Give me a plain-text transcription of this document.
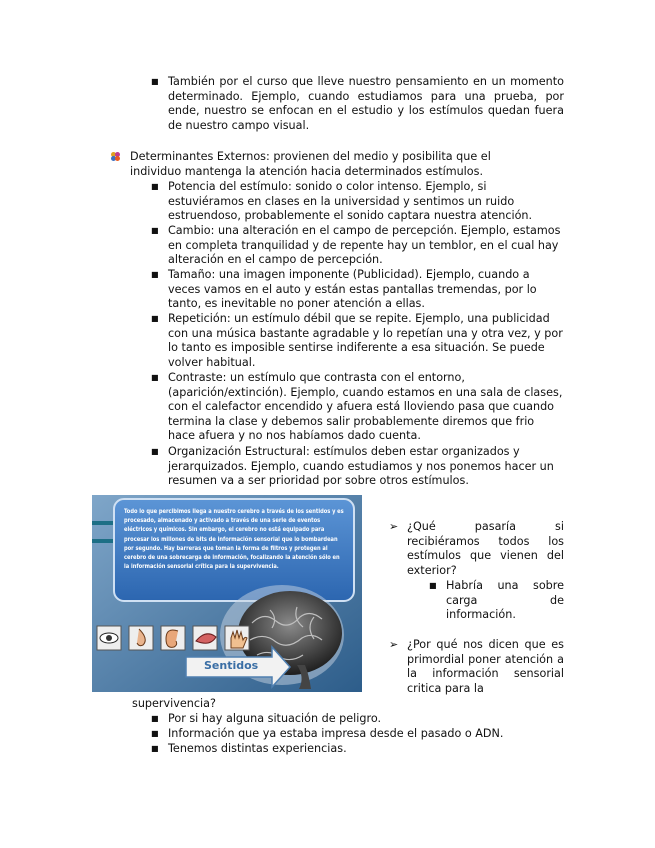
■ También por el curso que lleve nuestro pensamiento en un momento determinado. Ejemplo, cuando estudiamos para una prueba, por ende, nuestro se enfocan en el estudio y los estímulos quedan fuera de nuestro campo visual.
Determinantes Externos: provienen del medio y posibilita que el individuo mantenga la atención hacia determinados estímulos.
■ Potencia del estímulo: sonido o color intenso. Ejemplo, si estuviéramos en clases en la universidad y sentimos un ruido estruendoso, probablemente el sonido captara nuestra atención.
■ Cambio: una alteración en el campo de percepción. Ejemplo, estamos en completa tranquilidad y de repente hay un temblor, en el cual hay alteración en el campo de percepción.
■ Tamaño: una imagen imponente (Publicidad). Ejemplo, cuando a veces vamos en el auto y están estas pantallas tremendas, por lo tanto, es inevitable no poner atención a ellas.
■ Repetición: un estímulo débil que se repite. Ejemplo, una publicidad con una música bastante agradable y lo repetían una y otra vez, y por lo tanto es imposible sentirse indiferente a esa situación. Se puede volver habitual.
■ Contraste: un estímulo que contrasta con el entorno, (aparición/extinción). Ejemplo, cuando estamos en una sala de clases, con el calefactor encendido y afuera está lloviendo pasa que cuando termina la clase y debemos salir probablemente diremos que frio hace afuera y no nos habíamos dado cuenta.
■ Organización Estructural: estímulos deben estar organizados y jerarquizados. Ejemplo, cuando estudiamos y nos ponemos hacer un resumen va a ser prioridad por sobre otros estímulos.
Todo lo que percibimos llega a nuestro cerebro a través de los sentidos y es procesado, almacenado y activado a través de una serie de eventos eléctricos y químicos. Sin embargo, el cerebro no está equipado para procesar los millones de bits de información sensorial que lo bombardean por segundo. Hay barreras que toman la forma de filtros y protegen al cerebro de una sobrecarga de información, focalizando la atención sólo en la información sensorial crítica para la supervivencia.
Sentidos
➢ ¿Qué pasaría si recibiéramos todos los estímulos que vienen del exterior?
■ Habría una sobre carga de información.
➢ ¿Por qué nos dicen que es primordial poner atención a la información sensorial critica para la
supervivencia?
■ Por si hay alguna situación de peligro.
■ Información que ya estaba impresa desde el pasado o ADN.
■ Tenemos distintas experiencias.
